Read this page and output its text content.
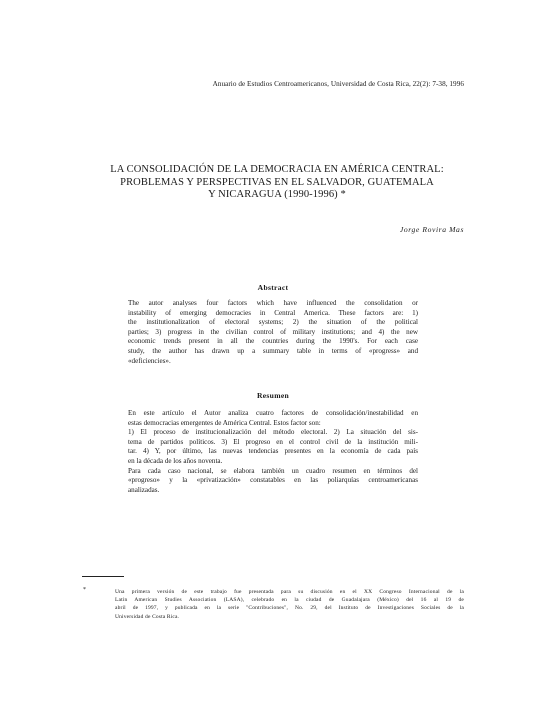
Anuario de Estudios Centroamericanos, Universidad de Costa Rica, 22(2): 7-38, 1996
LA CONSOLIDACIÓN DE LA DEMOCRACIA EN AMÉRICA CENTRAL:
PROBLEMAS Y PERSPECTIVAS EN EL SALVADOR, GUATEMALA
Y NICARAGUA (1990-1996) *
Jorge Rovira Mas
Abstract
The autor analyses four factors which have influenced the consolidation or
instability of emerging democracies in Central America. These factors are: 1)
the institutionalization of electoral systems; 2) the situation of the political
parties; 3) progress in the civilian control of military institutions; and 4) the new
economic trends present in all the countries during the 1990's. For each case
study, the author has drawn up a summary table in terms of «progress» and
«deficiencies».
Resumen
En este artículo el Autor analiza cuatro factores de consolidación/inestabilidad en
estas democracias emergentes de América Central. Estos factor son:
1) El proceso de institucionalización del método electoral. 2) La situación del sis-
tema de partidos políticos. 3) El progreso en el control civil de la institución mili-
tar. 4) Y, por último, las nuevas tendencias presentes en la economía de cada país
en la década de los años noventa.
Para cada caso nacional, se elabora también un cuadro resumen en términos del
«progreso» y la «privatización» constatables en las poliarquías centroamericanas
analizadas.
*	Una primera versión de este trabajo fue presentada para su discusión en el XX Congreso Internacional de la
Latin American Studies Association (LASA), celebrado en la ciudad de Guadalajara (México) del 16 al 19 de
abril de 1997, y publicada en la serie "Contribuciones", No. 29, del Instituto de Investigaciones Sociales de la
Universidad de Costa Rica.
